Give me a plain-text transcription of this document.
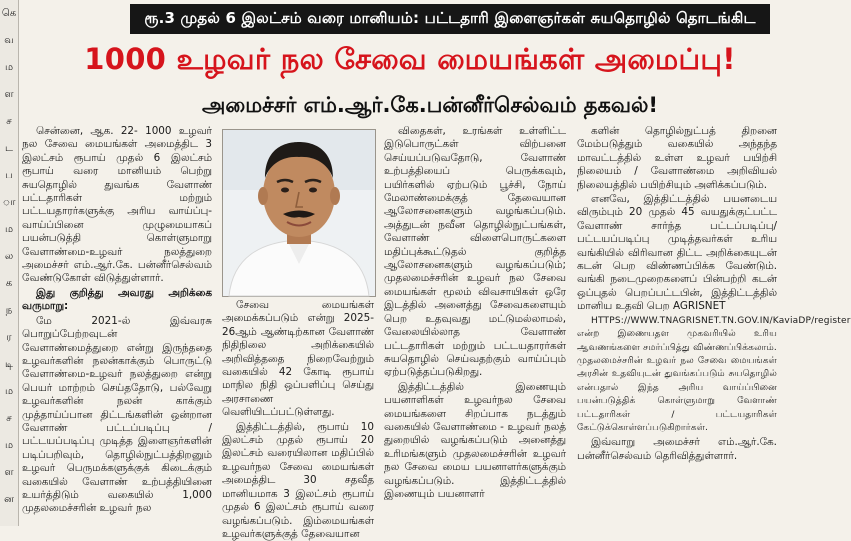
கெ
வ
ம
ள
ச
ட
ப
ா
ம
ல
க
ந
ர
டி
ம
ச
ம
ள
ன
ரூ.3 முதல் 6 இலட்சம் வரை மானியம்: பட்டதாரி இளைஞர்கள் சுயதொழில் தொடங்கிட
1000 உழவர் நல சேவை மையங்கள் அமைப்பு!
அமைச்சர் எம்.ஆர்.கே.பன்னீர்செல்வம் தகவல்!

சென்னை, ஆக. 22- 1000 உழவர் நல சேவை மையங்கள் அமைத்திட 3 இலட்சம் ரூபாய் முதல் 6 இலட்சம் ரூபாய் வரை மானியம் பெற்று சுயதொழில் துவங்க வேளாண் பட்டதாரிகள் மற்றும் பட்டயதாரர்களுக்கு அரிய வாய்ப்பு-வாய்ப்பினை முழுமையாகப் பயன்படுத்தி கொள்ளுமாறு வேளாண்மை-உழவர் நலத்துறை அமைச்சர் எம்.ஆர்.கே. பன்னீர்செல்வம் வேண்டுகோள் விடுத்துள்ளார்.

இது குறித்து அவரது அறிக்கை வருமாறு:

மே 2021-ல் இவ்வரசு பொறுப்பேற்றவுடன் வேளாண்மைத்துறை என்று இருந்ததை உழவர்களின் நலன்காக்கும் பொருட்டு வேளாண்மை-உழவர் நலத்துறை என்று பெயர் மாற்றம் செய்ததோடு, பல்வேறு உழவர்களின் நலன் காக்கும் முத்தாய்ப்பான திட்டங்களின் ஒன்றான வேளாண் பட்டப்படிப்பு / பட்டயப்படிப்பு முடித்த இளைஞர்களின் படிப்பறிவும், தொழில்நுட்பத்திறனும் உழவர் பெருமக்களுக்குக் கிடைக்கும் வகையில் வேளாண் உற்பத்தியினை உயர்த்திடும் வகையில் 1,000 முதலமைச்சரின் உழவர் நல

சேவை மையங்கள் அமைக்கப்படும் என்று 2025-26ஆம் ஆண்டிற்கான வேளாண் நிதிநிலை அறிக்கையில் அறிவித்ததை நிறைவேற்றும் வகையில் 42 கோடி ரூபாய் மாநில நிதி ஒப்பளிப்பு செய்து அரசாணை வெளியிடப்பட்டுள்ளது.

இத்திட்டத்தில், ரூபாய் 10 இலட்சம் முதல் ரூபாய் 20 இலட்சம் வரையிலான மதிப்பில் உழவர்நல சேவை மையங்கள் அமைத்திட 30 சதவீத மானியமாக 3 இலட்சம் ரூபாய் முதல் 6 இலட்சம் ரூபாய் வரை வழங்கப்படும். இம்மையங்கள் உழவர்களுக்குத் தேவையான

விதைகள், உரங்கள் உள்ளிட்ட இடுபொருட்கள் விற்பனை செய்யப்படுவதோடு, வேளாண் உற்பத்தியைப் பெருக்கவும், பயிர்களில் ஏற்படும் பூச்சி, நோய் மேலாண்மைக்குத் தேவையான ஆலோசனைகளும் வழங்கப்படும். அத்துடன் நவீன தொழில்நுட்பங்கள், வேளாண் விளைபொருட்களை மதிப்புக்கூட்டுதல் குறித்த ஆலோசனைகளும் வழங்கப்படும்; முதலமைச்சரின் உழவர் நல சேவை மையங்கள் மூலம் விவசாயிகள் ஒரே இடத்தில் அனைத்து சேவைகளையும் பெற உதவுவது மட்டுமல்லாமல், வேலையில்லாத வேளாண் பட்டதாரிகள் மற்றும் பட்டயதாரர்கள் சுயதொழில் செய்வதற்கும் வாய்ப்பும் ஏற்படுத்தப்படுகிறது.

இத்திட்டத்தில் இணையும் பயனாளிகள் உழவர்நல சேவை மையங்களை சிறப்பாக நடத்தும் வகையில் வேளாண்மை - உழவர் நலத் துறையில் வழங்கப்படும் அனைத்து உரிமங்களும் முதலமைச்சரின் உழவர் நல சேவை மைய பயனாளர்களுக்கும் வழங்கப்படும். இத்திட்டத்தில் இணையும் பயனாளர்

களின் தொழில்நுட்பத் திறனை மேம்படுத்தும் வகையில் அந்தந்த மாவட்டத்தில் உள்ள உழவர் பயிற்சி நிலையம் / வேளாண்மை அறிவியல் நிலையத்தில் பயிற்சியும் அளிக்கப்படும்.

எனவே, இத்திட்டத்தில் பயனடைய விரும்பும் 20 முதல் 45 வயதுக்குட்பட்ட வேளாண் சார்ந்த பட்டப்படிப்பு/பட்டயப்படிப்பு முடித்தவர்கள் உரிய வங்கியில் விரிவான திட்ட அறிக்கையுடன் கடன் பெற விண்ணப்பிக்க வேண்டும். வங்கி நடைமுறைகளைப் பின்பற்றி கடன் ஒப்புதல் பெறப்பட்டபின், இத்திட்டத்தில் மானிய உதவி பெற AGRISNET

HTTPS://WWW.TNAGRISNET.TN.GOV.IN/KaviaDP/register என்ற இணையதள முகவரியில் உரிய ஆவணங்களை சமர்ப்பித்து விண்ணப்பிக்கலாம். முதலமைச்சரின் உழவர் நல சேவை மையங்கள் அரசின் உதவியுடன் துவங்கப்படும் சுயதொழில் என்பதால் இந்த அரிய வாய்ப்பினை பயன்படுத்திக் கொள்ளுமாறு வேளாண் பட்டதாரிகள் / பட்டயதாரிகள் கேட்டுக்கொள்ளப்படுகிறார்கள்.

இவ்வாறு அமைச்சர் எம்.ஆர்.கே. பன்னீர்செல்வம் தெரிவித்துள்ளார்.
